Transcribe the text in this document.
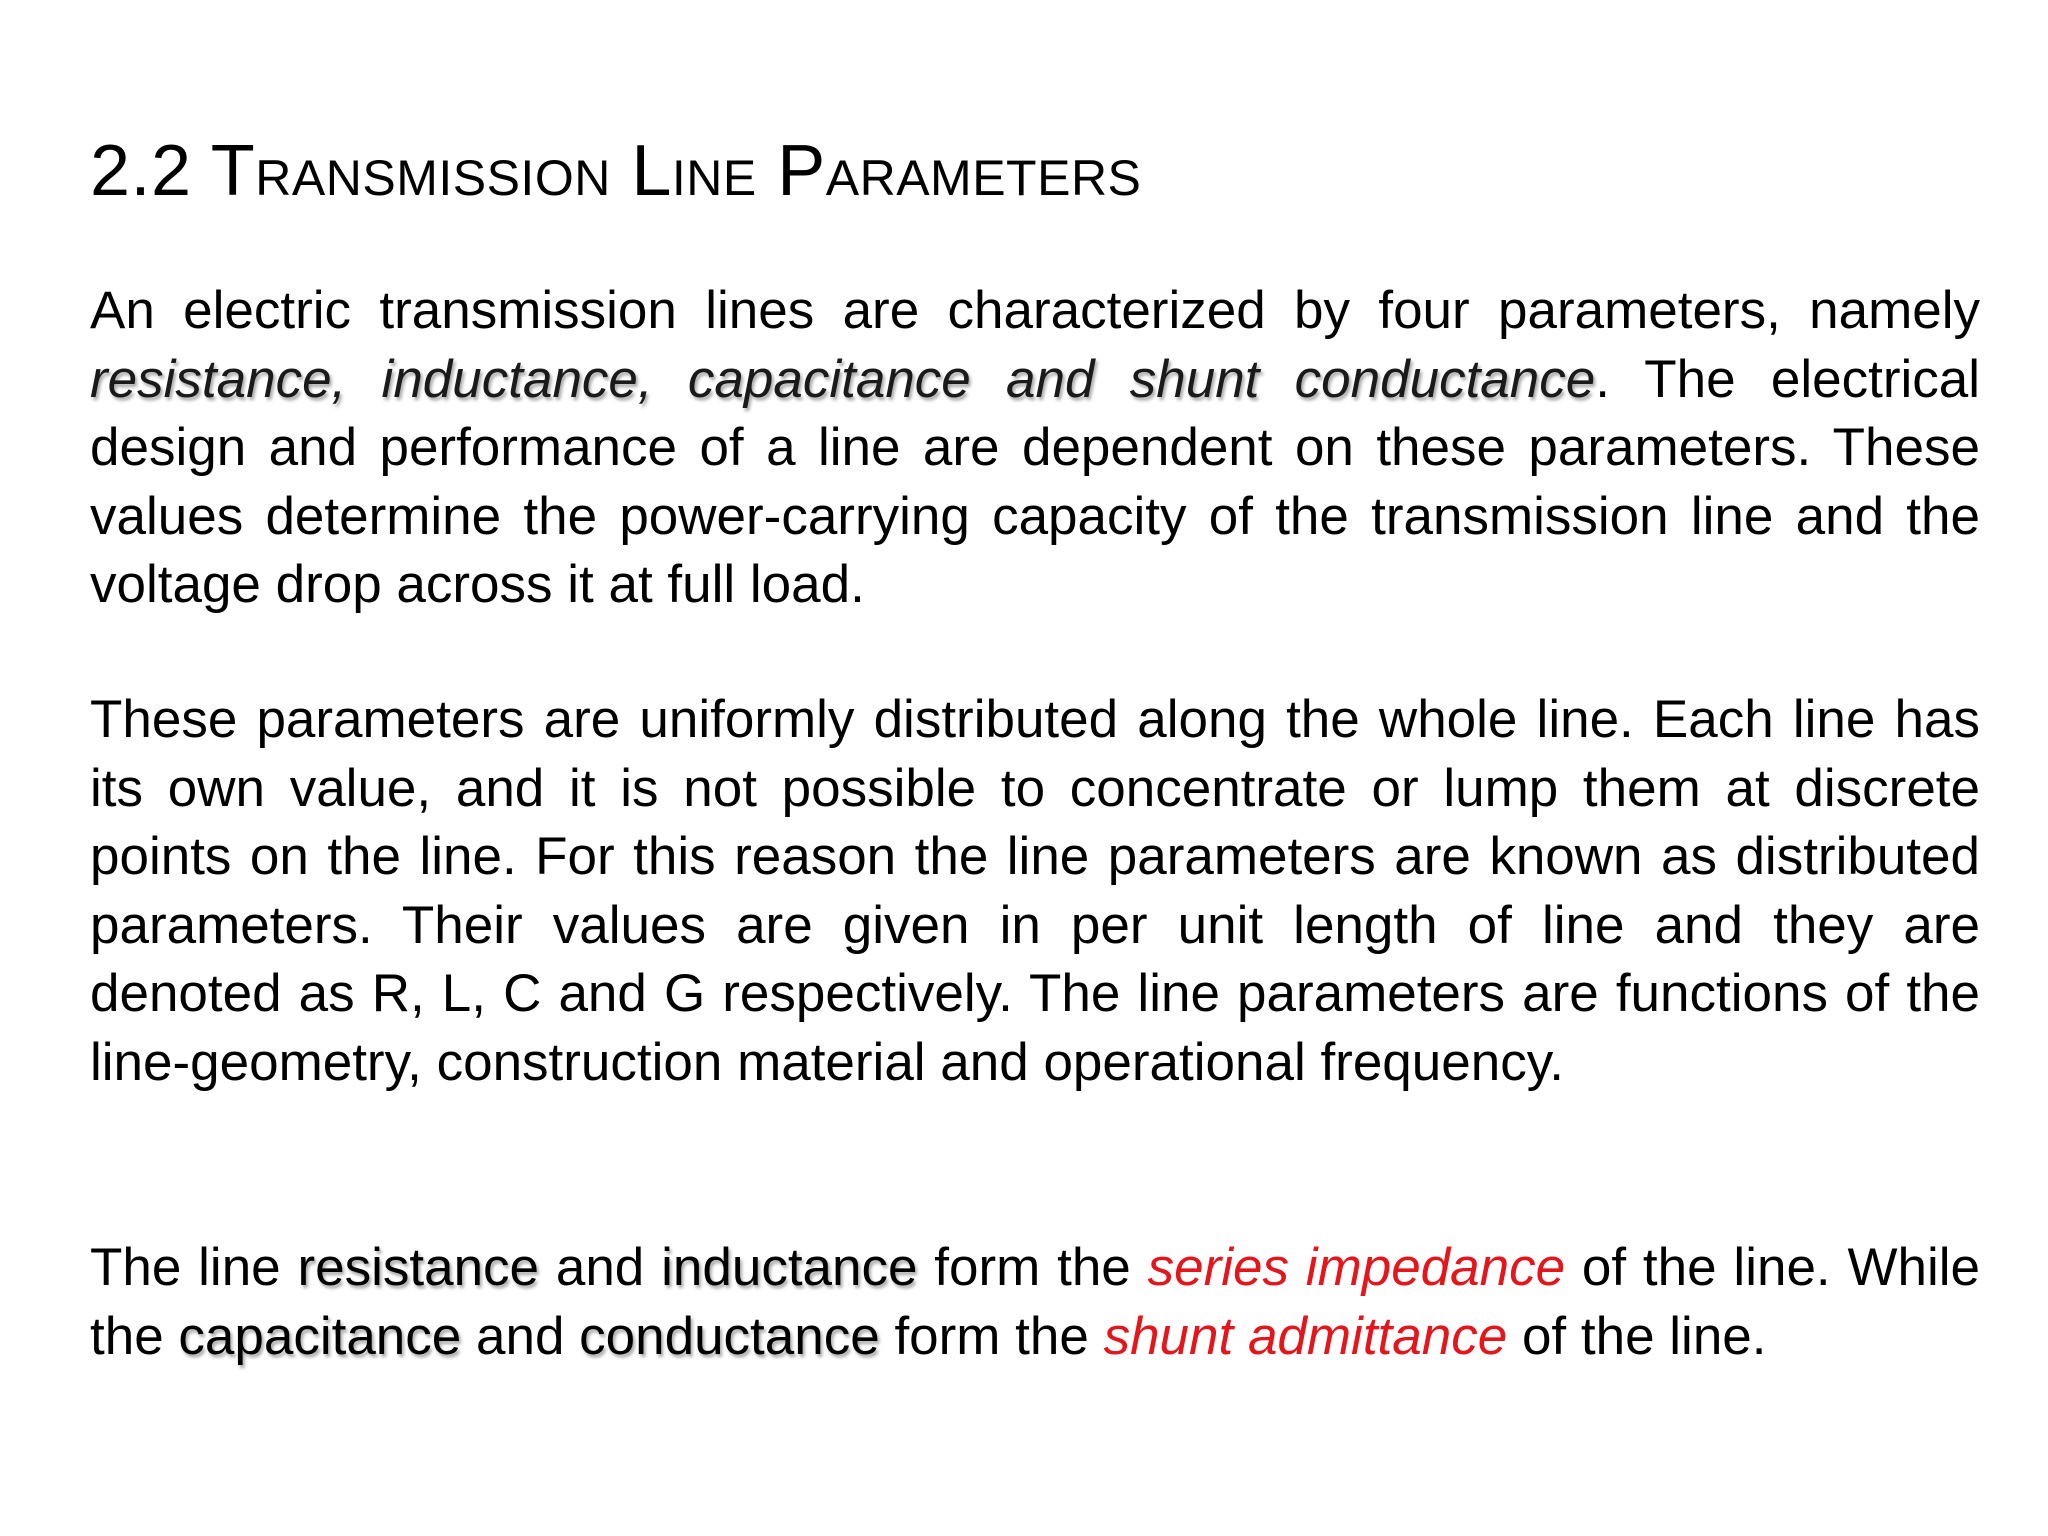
2.2 Transmission Line Parameters

An electric transmission lines are characterized by four parameters, namely resistance, inductance, capacitance and shunt conductance. The electrical design and performance of a line are dependent on these parameters. These values determine the power-carrying capacity of the transmission line and the voltage drop across it at full load.

These parameters are uniformly distributed along the whole line. Each line has its own value, and it is not possible to concentrate or lump them at discrete points on the line. For this reason the line parameters are known as distributed parameters. Their values are given in per unit length of line and they are denoted as R, L, C and G respectively. The line parameters are functions of the line-geometry, construction material and operational frequency.

The line resistance and inductance form the series impedance of the line. While the capacitance and conductance form the shunt admittance of the line.
